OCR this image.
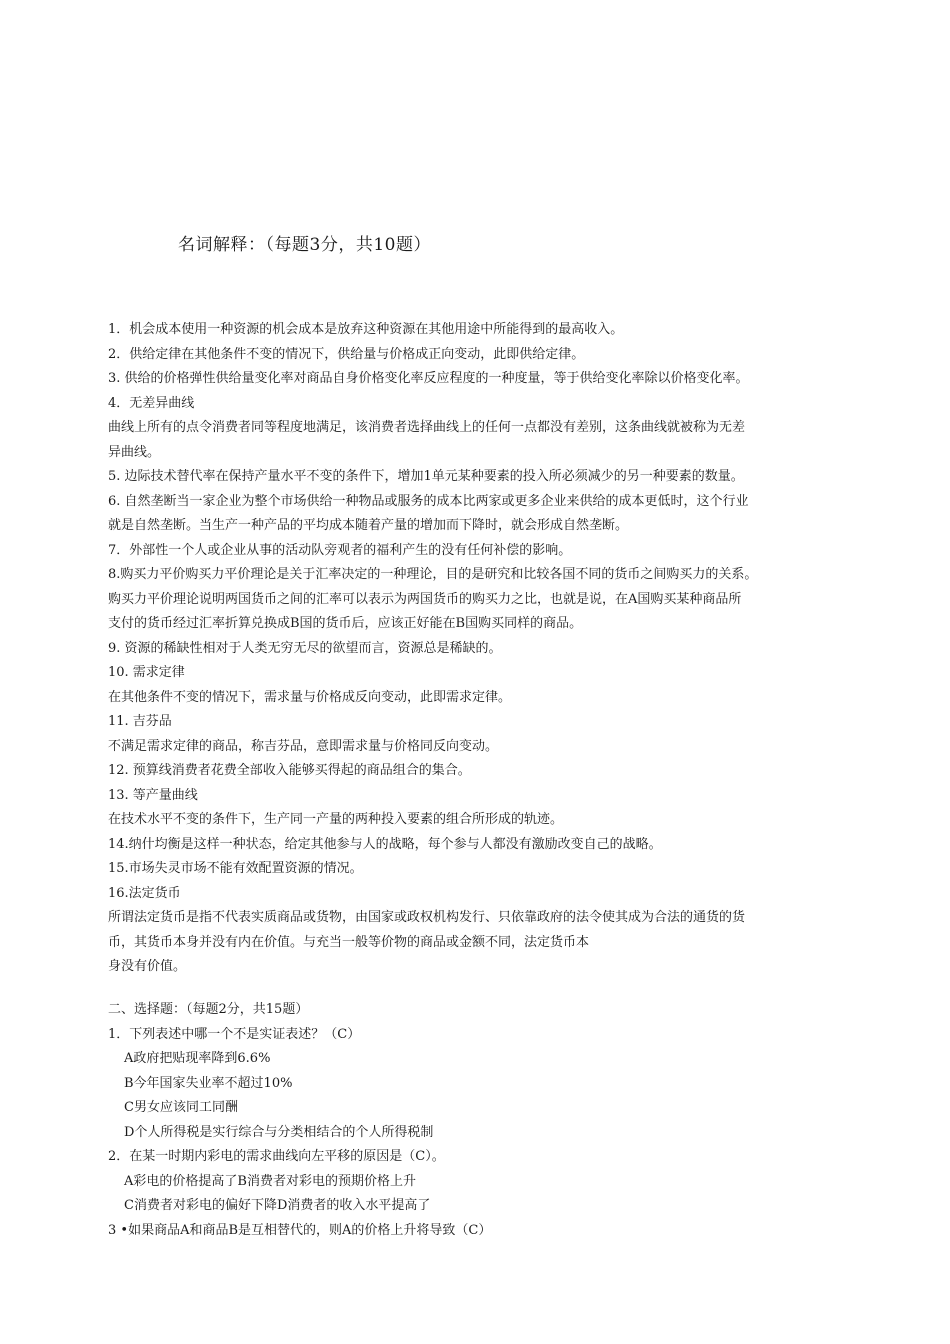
名词解释：（每题3分，共10题）

1．机会成本使用一种资源的机会成本是放弃这种资源在其他用途中所能得到的最高收入。

2．供给定律在其他条件不变的情况下，供给量与价格成正向变动，此即供给定律。

3. 供给的价格弹性供给量变化率对商品自身价格变化率反应程度的一种度量，等于供给变化率除以价格变化率。

4．无差异曲线

曲线上所有的点令消费者同等程度地满足，该消费者选择曲线上的任何一点都没有差别，这条曲线就被称为无差

异曲线。

5. 边际技术替代率在保持产量水平不变的条件下，增加1单元某种要素的投入所必须减少的另一种要素的数量。

6. 自然垄断当一家企业为整个市场供给一种物品或服务的成本比两家或更多企业来供给的成本更低时，这个行业

就是自然垄断。当生产一种产品的平均成本随着产量的增加而下降时，就会形成自然垄断。

7．外部性一个人或企业从事的活动队旁观者的福利产生的没有任何补偿的影响。

8.购买力平价购买力平价理论是关于汇率决定的一种理论，目的是研究和比较各国不同的货币之间购买力的关系。

购买力平价理论说明两国货币之间的汇率可以表示为两国货币的购买力之比，也就是说，在A国购买某种商品所

支付的货币经过汇率折算兑换成B国的货币后，应该正好能在B国购买同样的商品。

9. 资源的稀缺性相对于人类无穷无尽的欲望而言，资源总是稀缺的。

10. 需求定律

在其他条件不变的情况下，需求量与价格成反向变动，此即需求定律。

11. 吉芬品

不满足需求定律的商品，称吉芬品，意即需求量与价格同反向变动。

12. 预算线消费者花费全部收入能够买得起的商品组合的集合。

13. 等产量曲线

在技术水平不变的条件下，生产同一产量的两种投入要素的组合所形成的轨迹。

14.纳什均衡是这样一种状态，给定其他参与人的战略，每个参与人都没有激励改变自己的战略。

15.市场失灵市场不能有效配置资源的情况。

16.法定货币

所谓法定货币是指不代表实质商品或货物，由国家或政权机构发行、只依靠政府的法令使其成为合法的通货的货

币，其货币本身并没有内在价值。与充当一般等价物的商品或金额不同，法定货币本

身没有价值。

二、选择题：（每题2分，共15题）

1．下列表述中哪一个不是实证表述？（C）

A政府把贴现率降到6.6%

B今年国家失业率不超过10%

C男女应该同工同酬

D个人所得税是实行综合与分类相结合的个人所得税制

2．在某一时期内彩电的需求曲线向左平移的原因是（C）。

A彩电的价格提高了B消费者对彩电的预期价格上升

C消费者对彩电的偏好下降D消费者的收入水平提高了

3 •如果商品A和商品B是互相替代的，则A的价格上升将导致（C）
